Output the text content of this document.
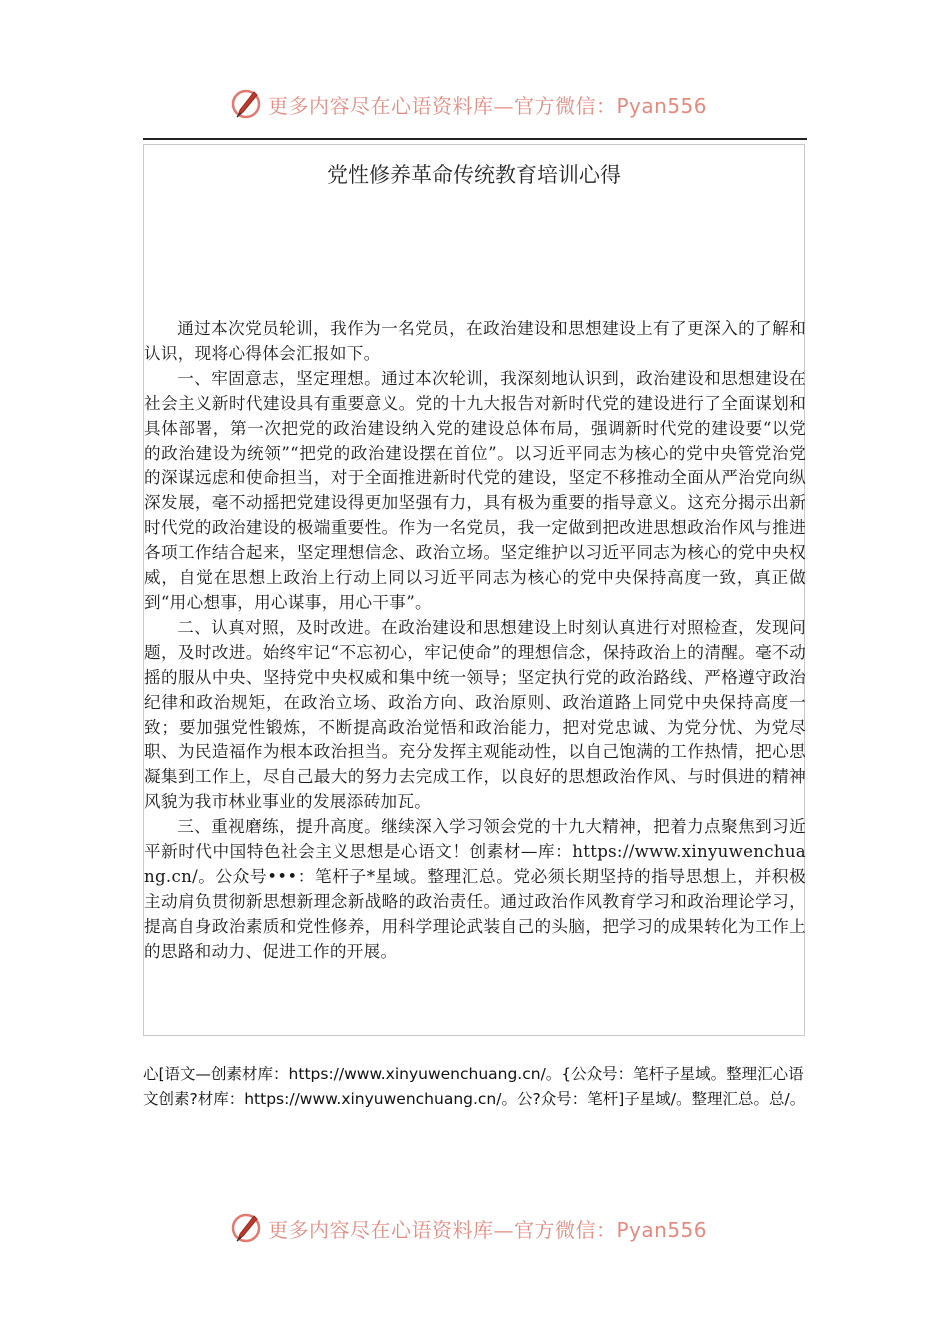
更多内容尽在心语资料库—官方微信：Pyan556
党性修养革命传统教育培训心得

通过本次党员轮训，我作为一名党员，在政治建设和思想建设上有了更深入的了解和认识，现将心得体会汇报如下。

一、牢固意志，坚定理想。通过本次轮训，我深刻地认识到，政治建设和思想建设在社会主义新时代建设具有重要意义。党的十九大报告对新时代党的建设进行了全面谋划和具体部署，第一次把党的政治建设纳入党的建设总体布局，强调新时代党的建设要“以党的政治建设为统领”“把党的政治建设摆在首位”。以习近平同志为核心的党中央管党治党的深谋远虑和使命担当，对于全面推进新时代党的建设，坚定不移推动全面从严治党向纵深发展，毫不动摇把党建设得更加坚强有力，具有极为重要的指导意义。这充分揭示出新时代党的政治建设的极端重要性。作为一名党员，我一定做到把改进思想政治作风与推进各项工作结合起来，坚定理想信念、政治立场。坚定维护以习近平同志为核心的党中央权威，自觉在思想上政治上行动上同以习近平同志为核心的党中央保持高度一致，真正做到“用心想事，用心谋事，用心干事”。

二、认真对照，及时改进。在政治建设和思想建设上时刻认真进行对照检查，发现问题，及时改进。始终牢记“不忘初心，牢记使命”的理想信念，保持政治上的清醒。毫不动摇的服从中央、坚持党中央权威和集中统一领导；坚定执行党的政治路线、严格遵守政治纪律和政治规矩，在政治立场、政治方向、政治原则、政治道路上同党中央保持高度一致；要加强党性锻炼，不断提高政治觉悟和政治能力，把对党忠诚、为党分忧、为党尽职、为民造福作为根本政治担当。充分发挥主观能动性，以自己饱满的工作热情，把心思凝集到工作上，尽自己最大的努力去完成工作，以良好的思想政治作风、与时俱进的精神风貌为我市林业事业的发展添砖加瓦。

三、重视磨练，提升高度。继续深入学习领会党的十九大精神，把着力点聚焦到习近平新时代中国特色社会主义思想是心语文！创素材—库：https://www.xinyuwenchuang.cn/。公众号•••：笔杆子*星域。整理汇总。党必须长期坚持的指导思想上，并积极主动肩负贯彻新思想新理念新战略的政治责任。通过政治作风教育学习和政治理论学习，提高自身政治素质和党性修养，用科学理论武装自己的头脑，把学习的成果转化为工作上的思路和动力、促进工作的开展。

心[语文—创素材库：https://www.xinyuwenchuang.cn/。{公众号：笔杆子星域。整理汇心语文创素?材库：https://www.xinyuwenchuang.cn/。公?众号：笔杆]子星域/。整理汇总。总/。
更多内容尽在心语资料库—官方微信：Pyan556
